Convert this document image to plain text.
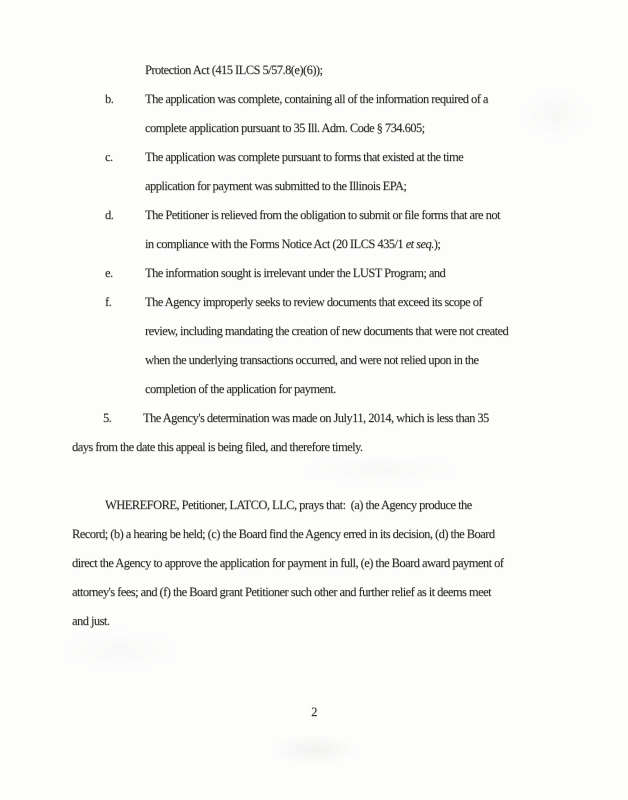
Protection Act (415 ILCS 5/57.8(e)(6));
b.	The application was complete, containing all of the information required of a
complete application pursuant to 35 Ill. Adm. Code § 734.605;
c.	The application was complete pursuant to forms that existed at the time
application for payment was submitted to the Illinois EPA;
d.	The Petitioner is relieved from the obligation to submit or file forms that are not
in compliance with the Forms Notice Act (20 ILCS 435/1 et seq.);
e.	The information sought is irrelevant under the LUST Program; and
f.	The Agency improperly seeks to review documents that exceed its scope of
review, including mandating the creation of new documents that were not created
when the underlying transactions occurred, and were not relied upon in the
completion of the application for payment.
5.	The Agency's determination was made on July11, 2014, which is less than 35
days from the date this appeal is being filed, and therefore timely.
WHEREFORE, Petitioner, LATCO, LLC, prays that:  (a) the Agency produce the
Record; (b) a hearing be held; (c) the Board find the Agency erred in its decision, (d) the Board
direct the Agency to approve the application for payment in full, (e) the Board award payment of
attorney's fees; and (f) the Board grant Petitioner such other and further relief as it deems meet
and just.
2
